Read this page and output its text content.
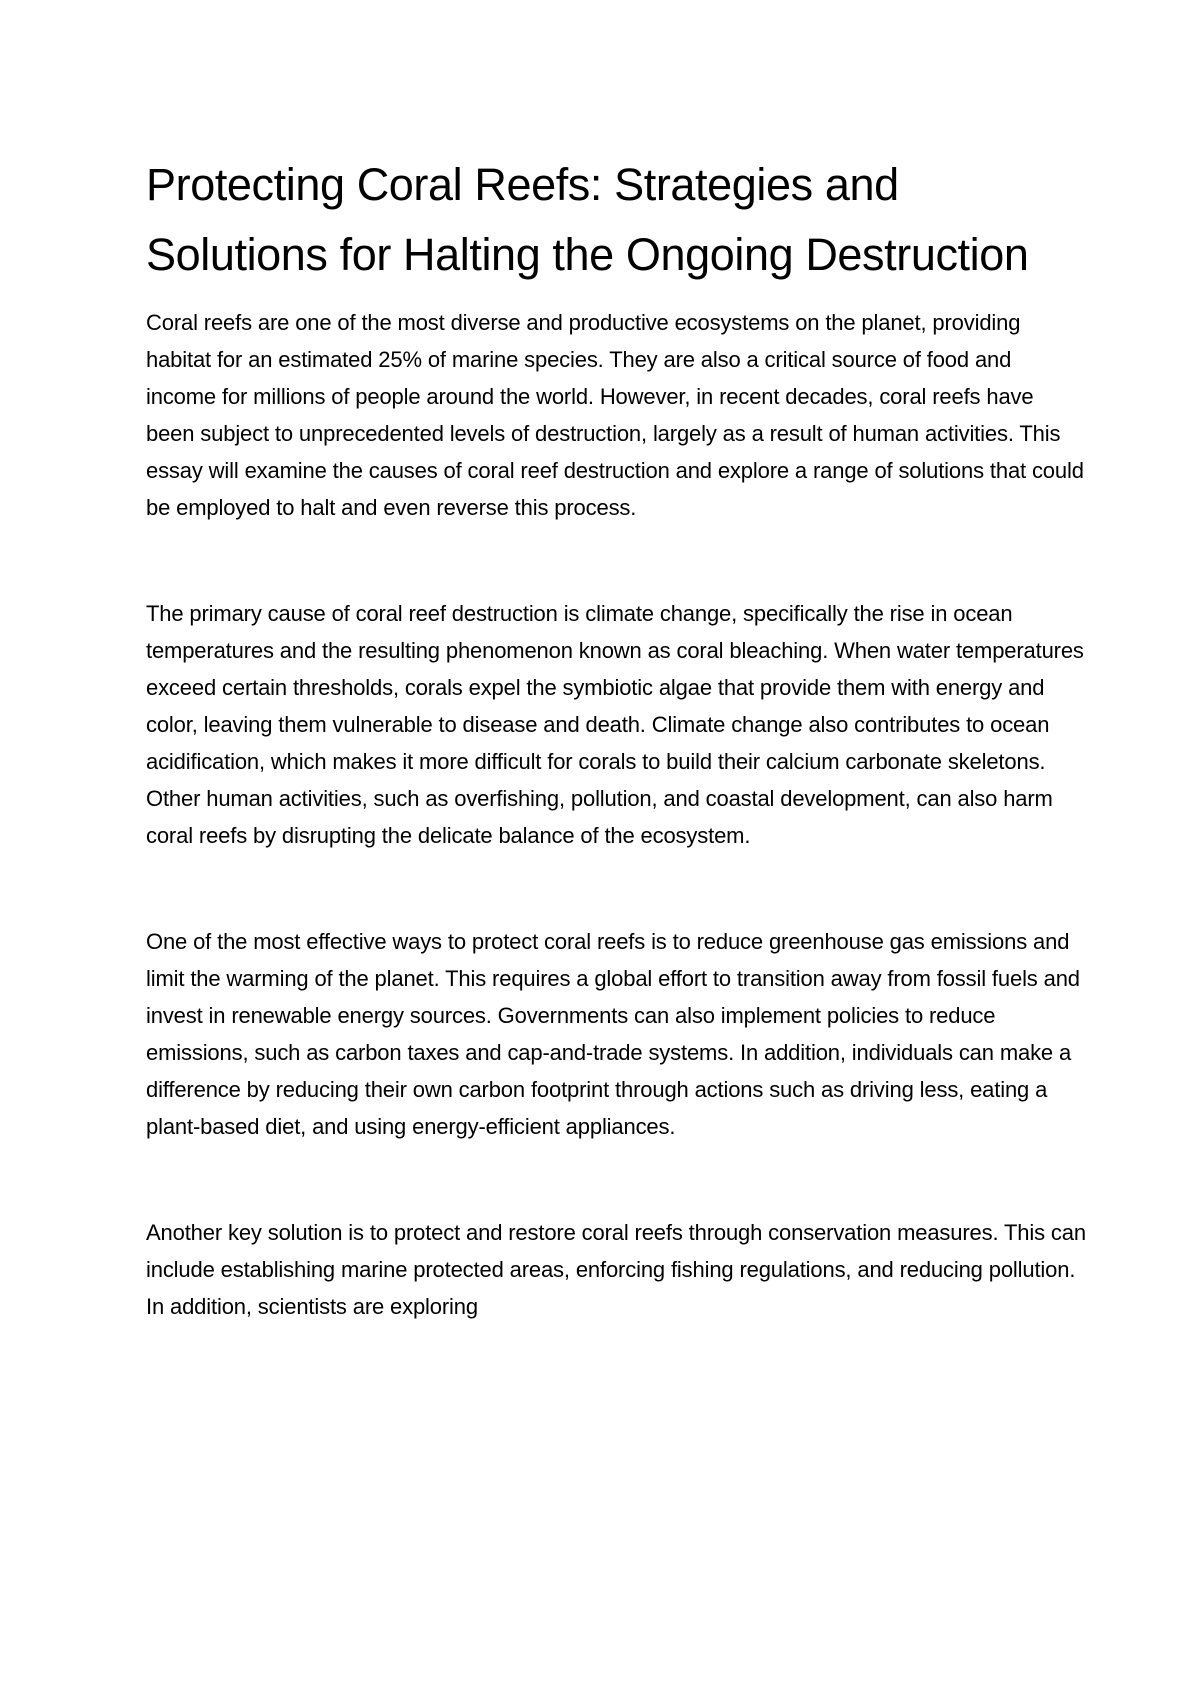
Protecting Coral Reefs: Strategies and Solutions for Halting the Ongoing Destruction

Coral reefs are one of the most diverse and productive ecosystems on the planet, providing habitat for an estimated 25% of marine species. They are also a critical source of food and income for millions of people around the world. However, in recent decades, coral reefs have been subject to unprecedented levels of destruction, largely as a result of human activities. This essay will examine the causes of coral reef destruction and explore a range of solutions that could be employed to halt and even reverse this process.

The primary cause of coral reef destruction is climate change, specifically the rise in ocean temperatures and the resulting phenomenon known as coral bleaching. When water temperatures exceed certain thresholds, corals expel the symbiotic algae that provide them with energy and color, leaving them vulnerable to disease and death. Climate change also contributes to ocean acidification, which makes it more difficult for corals to build their calcium carbonate skeletons. Other human activities, such as overfishing, pollution, and coastal development, can also harm coral reefs by disrupting the delicate balance of the ecosystem.

One of the most effective ways to protect coral reefs is to reduce greenhouse gas emissions and limit the warming of the planet. This requires a global effort to transition away from fossil fuels and invest in renewable energy sources. Governments can also implement policies to reduce emissions, such as carbon taxes and cap-and-trade systems. In addition, individuals can make a difference by reducing their own carbon footprint through actions such as driving less, eating a plant-based diet, and using energy-efficient appliances.

Another key solution is to protect and restore coral reefs through conservation measures. This can include establishing marine protected areas, enforcing fishing regulations, and reducing pollution. In addition, scientists are exploring
